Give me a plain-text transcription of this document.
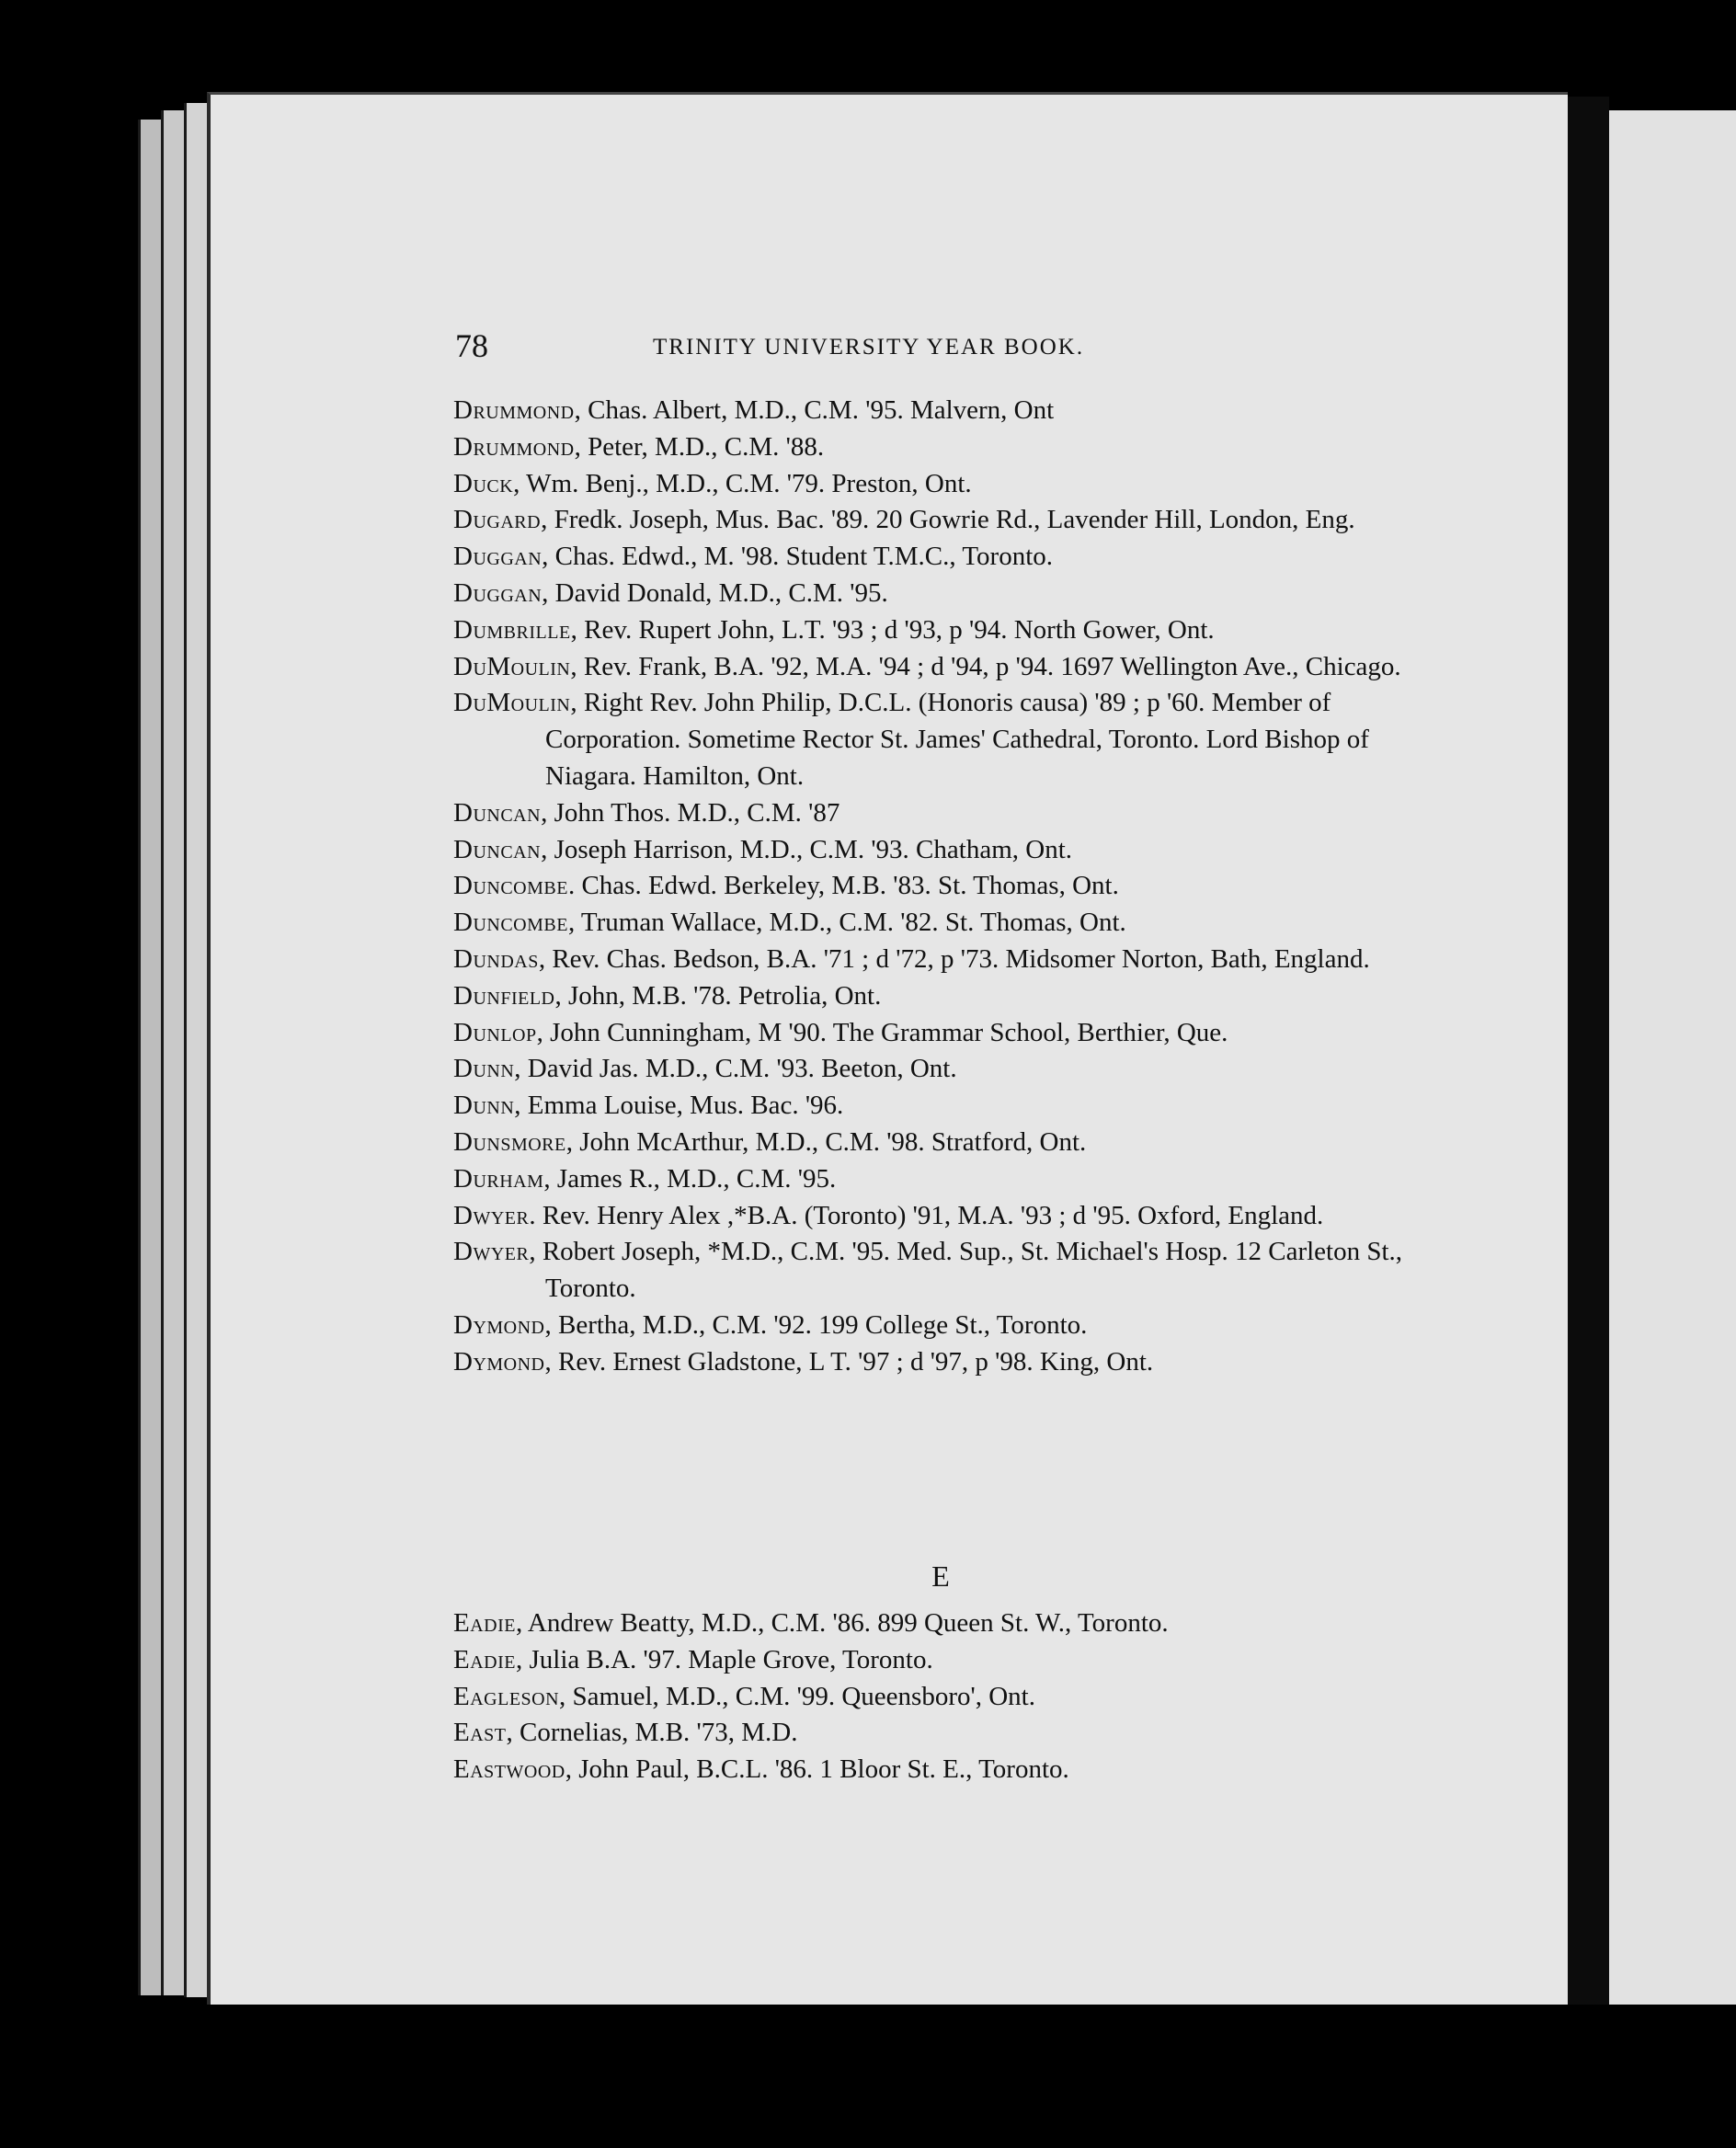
78	TRINITY UNIVERSITY YEAR BOOK.
Drummond, Chas. Albert, M.D., C.M. '95. Malvern, Ont
Drummond, Peter, M.D., C.M. '88.
Duck, Wm. Benj., M.D., C.M. '79. Preston, Ont.
Dugard, Fredk. Joseph, Mus. Bac. '89. 20 Gowrie Rd., Lavender Hill, London, Eng.
Duggan, Chas. Edwd., M. '98. Student T.M.C., Toronto.
Duggan, David Donald, M.D., C.M. '95.
Dumbrille, Rev. Rupert John, L.T. '93 ; d '93, p '94. North Gower, Ont.
DuMoulin, Rev. Frank, B.A. '92, M.A. '94 ; d '94, p '94. 1697 Wellington Ave., Chicago.
DuMoulin, Right Rev. John Philip, D.C.L. (Honoris causa) '89 ; p '60. Member of Corporation. Sometime Rector St. James' Cathedral, Toronto. Lord Bishop of Niagara. Hamilton, Ont.
Duncan, John Thos. M.D., C.M. '87
Duncan, Joseph Harrison, M.D., C.M. '93. Chatham, Ont.
Duncombe. Chas. Edwd. Berkeley, M.B. '83. St. Thomas, Ont.
Duncombe, Truman Wallace, M.D., C.M. '82. St. Thomas, Ont.
Dundas, Rev. Chas. Bedson, B.A. '71 ; d '72, p '73. Midsomer Norton, Bath, England.
Dunfield, John, M.B. '78. Petrolia, Ont.
Dunlop, John Cunningham, M '90. The Grammar School, Berthier, Que.
Dunn, David Jas. M.D., C.M. '93. Beeton, Ont.
Dunn, Emma Louise, Mus. Bac. '96.
Dunsmore, John McArthur, M.D., C.M. '98. Stratford, Ont.
Durham, James R., M.D., C.M. '95.
Dwyer. Rev. Henry Alex ,*B.A. (Toronto) '91, M.A. '93 ; d '95. Oxford, England.
Dwyer, Robert Joseph, *M.D., C.M. '95. Med. Sup., St. Michael's Hosp. 12 Carleton St., Toronto.
Dymond, Bertha, M.D., C.M. '92. 199 College St., Toronto.
Dymond, Rev. Ernest Gladstone, L T. '97 ; d '97, p '98. King, Ont.
E
Eadie, Andrew Beatty, M.D., C.M. '86. 899 Queen St. W., Toronto.
Eadie, Julia B.A. '97. Maple Grove, Toronto.
Eagleson, Samuel, M.D., C.M. '99. Queensboro', Ont.
East, Cornelias, M.B. '73, M.D.
Eastwood, John Paul, B.C.L. '86. 1 Bloor St. E., Toronto.
